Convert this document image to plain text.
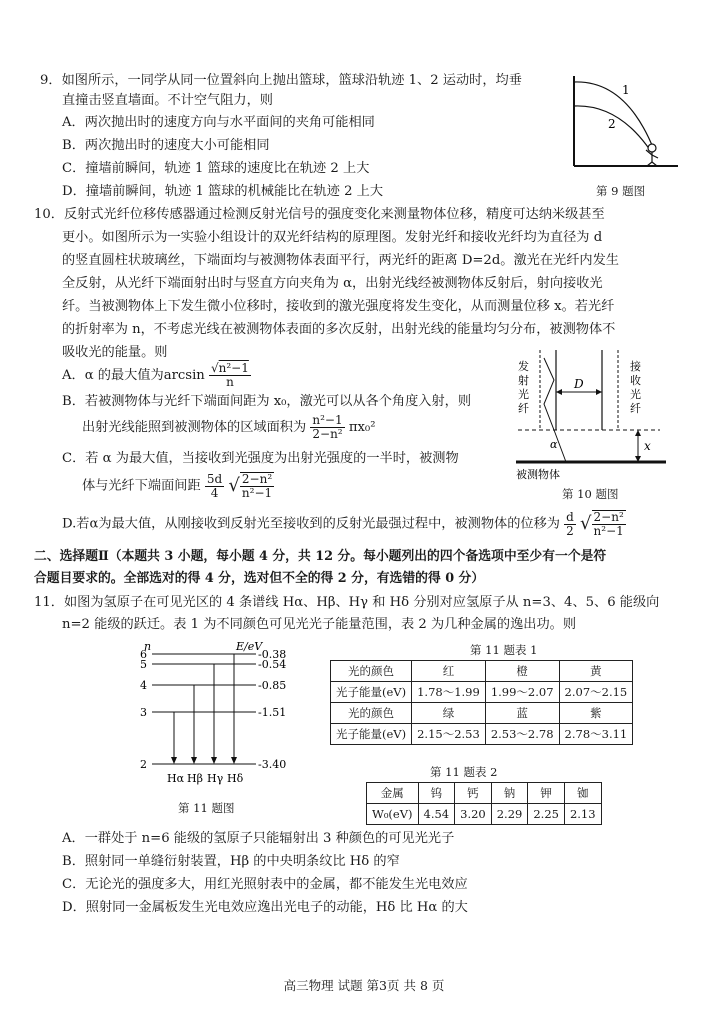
9．如图所示，一同学从同一位置斜向上抛出篮球，篮球沿轨迹 1、2 运动时，均垂
直撞击竖直墙面。不计空气阻力，则
A．两次抛出时的速度方向与水平面间的夹角可能相同
B．两次抛出时的速度大小可能相同
C．撞墙前瞬间，轨迹 1 篮球的速度比在轨迹 2 上大
D．撞墙前瞬间，轨迹 1 篮球的机械能比在轨迹 2 上大
1
2
第 9 题图
10．反射式光纤位移传感器通过检测反射光信号的强度变化来测量物体位移，精度可达纳米级甚至
更小。如图所示为一实验小组设计的双光纤结构的原理图。发射光纤和接收光纤均为直径为 d
的竖直圆柱状玻璃丝，下端面均与被测物体表面平行，两光纤的距离 D=2d。激光在光纤内发生
全反射，从光纤下端面射出时与竖直方向夹角为 α，出射光线经被测物体反射后，射向接收光
纤。当被测物体上下发生微小位移时，接收到的激光强度将发生变化，从而测量位移 x。若光纤
的折射率为 n，不考虑光线在被测物体表面的多次反射，出射光线的能量均匀分布，被测物体不
吸收光的能量。则
A．α 的最大值为$\arcsin \frac{\text{√n²−1}}{n}$
B．若被测物体与光纤下端面间距为 x₀，激光可以从各个角度入射，则
出射光线能照到被测物体的区域面积为 $\frac{\text{n²−1}}{\text{2−n²}} \pi x_0^2$
C．若 α 为最大值，当接收到光强度为出射光强度的一半时，被测物
体与光纤下端面间距 $\frac{5d}{4}$ √ $\frac{\text{2−n²}}{\text{n²−1}}$
D.若α为最大值，从刚接收到反射光至接收到的反射光最强过程中，被测物体的位移为 $\frac{d}{2}$ √ $\frac{\text{2−n²}}{\text{n²−1}}$
发
射
光
纤
接
收
光
纤
D
α	x
被测物体
第 10 题图
二、选择题Ⅱ（本题共 3 小题，每小题 4 分，共 12 分。每小题列出的四个备选项中至少有一个是符
合题目要求的。全部选对的得 4 分，选对但不全的得 2 分，有选错的得 0 分）
11．如图为氢原子在可见光区的 4 条谱线 Hα、Hβ、Hγ 和 Hδ 分别对应氢原子从 n=3、4、5、6 能级向
n=2 能级的跃迁。表 1 为不同颜色可见光光子能量范围，表 2 为几种金属的逸出功。则
n	E/eV
6
5
4
3
2
-0.38
-0.54
-0.85
-1.51
-3.40
Hα Hβ Hγ Hδ
第 11 题图
第 11 题表 1
光的颜色	红	橙	黄
光子能量(eV)	1.78～1.99	1.99～2.07	2.07～2.15
光的颜色	绿	蓝	紫
光子能量(eV)	2.15～2.53	2.53～2.78	2.78～3.11
第 11 题表 2
金属	钨	钙	钠	钾	铷
W₀(eV)	4.54	3.20	2.29	2.25	2.13
A．一群处于 n=6 能级的氢原子只能辐射出 3 种颜色的可见光光子
B．照射同一单缝衍射装置，Hβ 的中央明条纹比 Hδ 的窄
C．无论光的强度多大，用红光照射表中的金属，都不能发生光电效应
D．照射同一金属板发生光电效应逸出光电子的动能，Hδ 比 Hα 的大
高三物理 试题 第3页 共 8 页
